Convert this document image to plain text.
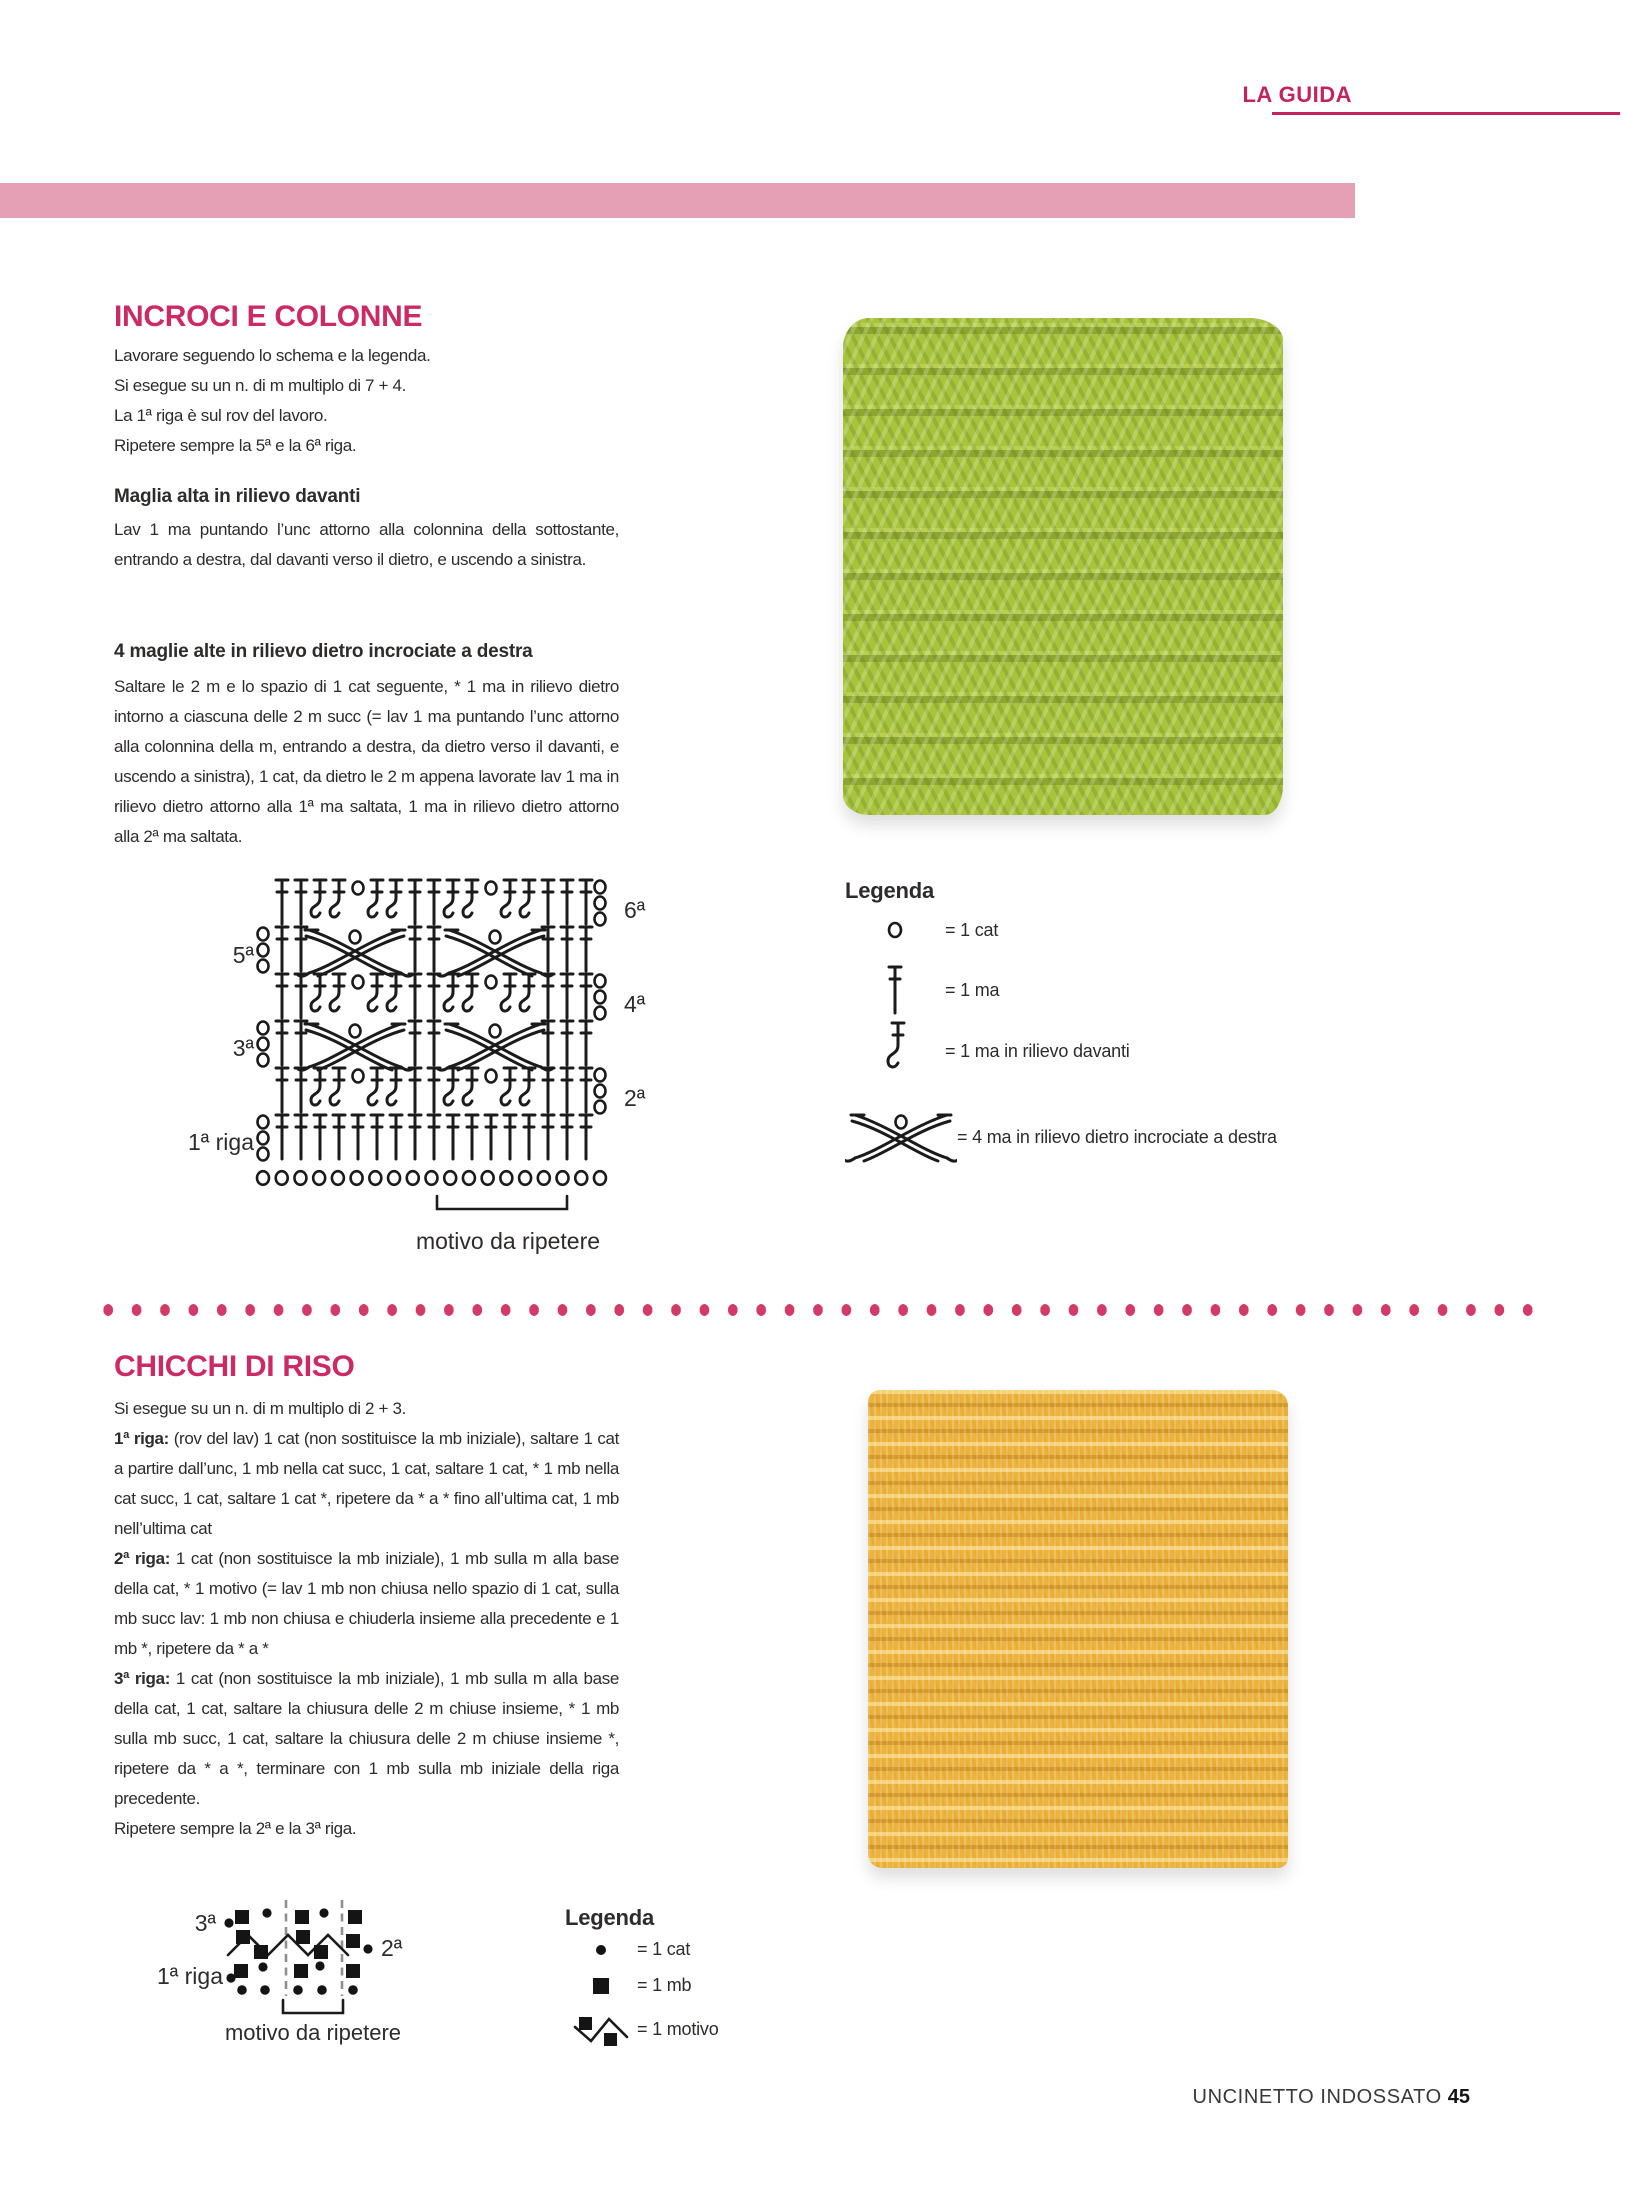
LA GUIDA
INCROCI E COLONNE
Lavorare seguendo lo schema e la legenda.
Si esegue su un n. di m multiplo di 7 + 4.
La 1ª riga è sul rov del lavoro.
Ripetere sempre la 5ª e la 6ª riga.
Maglia alta in rilievo davanti

Lav 1 ma puntando l’unc attorno alla colonnina della sottostante, entrando a destra, dal davanti verso il dietro, e uscendo a sinistra.

4 maglie alte in rilievo dietro incrociate a destra

Saltare le 2 m e lo spazio di 1 cat seguente, * 1 ma in rilievo dietro intorno a ciascuna delle 2 m succ (= lav 1 ma puntando l’unc attorno alla colonnina della m, entrando a destra, da dietro verso il davanti, e uscendo a sinistra), 1 cat, da dietro le 2 m appena lavorate lav 1 ma in rilievo dietro attorno alla 1ª ma saltata, 1 ma in rilievo dietro attorno alla 2ª ma saltata.

5ª
3ª
1ª riga
6ª
4ª
2ª
motivo da ripetere
Legenda
= 1 cat
= 1 ma
= 1 ma in rilievo davanti
= 4 ma in rilievo dietro incrociate a destra
CHICCHI DI RISO
Si esegue su un n. di m multiplo di 2 + 3.

1ª riga: (rov del lav) 1 cat (non sostituisce la mb iniziale), saltare 1 cat a partire dall’unc, 1 mb nella cat succ, 1 cat, saltare 1 cat, * 1 mb nella cat succ, 1 cat, saltare 1 cat *, ripetere da * a * fino all’ultima cat, 1 mb nell’ultima cat

2ª riga: 1 cat (non sostituisce la mb iniziale), 1 mb sulla m alla base della cat, * 1 motivo (= lav 1 mb non chiusa nello spazio di 1 cat, sulla mb succ lav: 1 mb non chiusa e chiuderla insieme alla precedente e 1 mb *, ripetere da * a *

3ª riga: 1 cat (non sostituisce la mb iniziale), 1 mb sulla m alla base della cat, 1 cat, saltare la chiusura delle 2 m chiuse insieme, * 1 mb sulla mb succ, 1 cat, saltare la chiusura delle 2 m chiuse insieme *, ripetere da * a *, terminare con 1 mb sulla mb iniziale della riga precedente.

Ripetere sempre la 2ª e la 3ª riga.
3ª
2ª
1ª riga
motivo da ripetere
Legenda
= 1 cat
= 1 mb
= 1 motivo
UNCINETTO INDOSSATO 45
